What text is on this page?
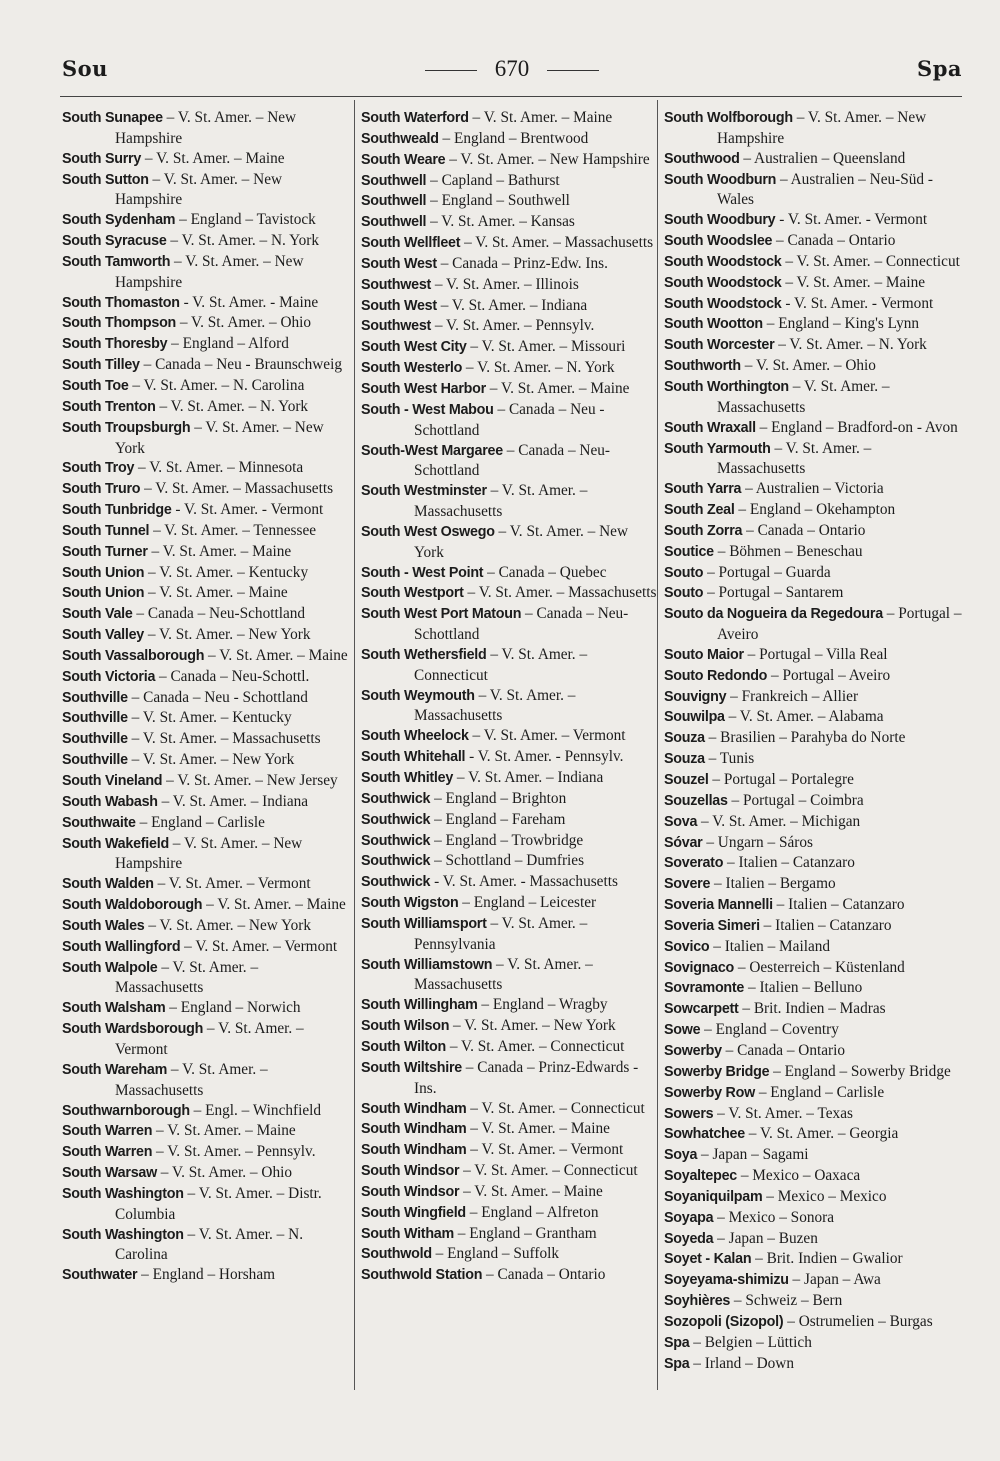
670
Sou	Spa
South Sunapee – V. St. Amer. – New Hampshire
South Surry – V. St. Amer. – Maine
South Sutton – V. St. Amer. – New Hampshire
South Sydenham – England – Tavistock
South Syracuse – V. St. Amer. – N. York
South Tamworth – V. St. Amer. – New Hampshire
South Thomaston - V. St. Amer. - Maine
South Thompson – V. St. Amer. – Ohio
South Thoresby – England – Alford
South Tilley – Canada – Neu - Braunschweig
South Toe – V. St. Amer. – N. Carolina
South Trenton – V. St. Amer. – N. York
South Troupsburgh – V. St. Amer. – New York
South Troy – V. St. Amer. – Minnesota
South Truro – V. St. Amer. – Massachusetts
South Tunbridge - V. St. Amer. - Vermont
South Tunnel – V. St. Amer. – Tennessee
South Turner – V. St. Amer. – Maine
South Union – V. St. Amer. – Kentucky
South Union – V. St. Amer. – Maine
South Vale – Canada – Neu-Schottland
South Valley – V. St. Amer. – New York
South Vassalborough – V. St. Amer. – Maine
South Victoria – Canada – Neu-Schottl.
Southville – Canada – Neu - Schottland
Southville – V. St. Amer. – Kentucky
Southville – V. St. Amer. – Massachusetts
Southville – V. St. Amer. – New York
South Vineland – V. St. Amer. – New Jersey
South Wabash – V. St. Amer. – Indiana
Southwaite – England – Carlisle
South Wakefield – V. St. Amer. – New Hampshire
South Walden – V. St. Amer. – Vermont
South Waldoborough – V. St. Amer. – Maine
South Wales – V. St. Amer. – New York
South Wallingford – V. St. Amer. – Vermont
South Walpole – V. St. Amer. – Massachusetts
South Walsham – England – Norwich
South Wardsborough – V. St. Amer. – Vermont
South Wareham – V. St. Amer. – Massachusetts
Southwarnborough – Engl. – Winchfield
South Warren – V. St. Amer. – Maine
South Warren – V. St. Amer. – Pennsylv.
South Warsaw – V. St. Amer. – Ohio
South Washington – V. St. Amer. – Distr. Columbia
South Washington – V. St. Amer. – N. Carolina
Southwater – England – Horsham
South Waterford – V. St. Amer. – Maine
Southweald – England – Brentwood
South Weare – V. St. Amer. – New Hampshire
Southwell – Capland – Bathurst
Southwell – England – Southwell
Southwell – V. St. Amer. – Kansas
South Wellfleet – V. St. Amer. – Massachusetts
South West – Canada – Prinz-Edw. Ins.
Southwest – V. St. Amer. – Illinois
South West – V. St. Amer. – Indiana
Southwest – V. St. Amer. – Pennsylv.
South West City – V. St. Amer. – Missouri
South Westerlo – V. St. Amer. – N. York
South West Harbor – V. St. Amer. – Maine
South - West Mabou – Canada – Neu - Schottland
South-West Margaree – Canada – Neu-Schottland
South Westminster – V. St. Amer. – Massachusetts
South West Oswego – V. St. Amer. – New York
South - West Point – Canada – Quebec
South Westport – V. St. Amer. – Massachusetts
South West Port Matoun – Canada – Neu-Schottland
South Wethersfield – V. St. Amer. – Connecticut
South Weymouth – V. St. Amer. – Massachusetts
South Wheelock – V. St. Amer. – Vermont
South Whitehall - V. St. Amer. - Pennsylv.
South Whitley – V. St. Amer. – Indiana
Southwick – England – Brighton
Southwick – England – Fareham
Southwick – England – Trowbridge
Southwick – Schottland – Dumfries
Southwick - V. St. Amer. - Massachusetts
South Wigston – England – Leicester
South Williamsport – V. St. Amer. – Pennsylvania
South Williamstown – V. St. Amer. – Massachusetts
South Willingham – England – Wragby
South Wilson – V. St. Amer. – New York
South Wilton – V. St. Amer. – Connecticut
South Wiltshire – Canada – Prinz-Edwards - Ins.
South Windham – V. St. Amer. – Connecticut
South Windham – V. St. Amer. – Maine
South Windham – V. St. Amer. – Vermont
South Windsor – V. St. Amer. – Connecticut
South Windsor – V. St. Amer. – Maine
South Wingfield – England – Alfreton
South Witham – England – Grantham
Southwold – England – Suffolk
Southwold Station – Canada – Ontario
South Wolfborough – V. St. Amer. – New Hampshire
Southwood – Australien – Queensland
South Woodburn – Australien – Neu-Süd - Wales
South Woodbury - V. St. Amer. - Vermont
South Woodslee – Canada – Ontario
South Woodstock – V. St. Amer. – Connecticut
South Woodstock – V. St. Amer. – Maine
South Woodstock - V. St. Amer. - Vermont
South Wootton – England – King's Lynn
South Worcester – V. St. Amer. – N. York
Southworth – V. St. Amer. – Ohio
South Worthington – V. St. Amer. – Massachusetts
South Wraxall – England – Bradford-on - Avon
South Yarmouth – V. St. Amer. – Massachusetts
South Yarra – Australien – Victoria
South Zeal – England – Okehampton
South Zorra – Canada – Ontario
Soutice – Böhmen – Beneschau
Souto – Portugal – Guarda
Souto – Portugal – Santarem
Souto da Nogueira da Regedoura – Portugal – Aveiro
Souto Maior – Portugal – Villa Real
Souto Redondo – Portugal – Aveiro
Souvigny – Frankreich – Allier
Souwilpa – V. St. Amer. – Alabama
Souza – Brasilien – Parahyba do Norte
Souza – Tunis
Souzel – Portugal – Portalegre
Souzellas – Portugal – Coimbra
Sova – V. St. Amer. – Michigan
Sóvar – Ungarn – Sáros
Soverato – Italien – Catanzaro
Sovere – Italien – Bergamo
Soveria Mannelli – Italien – Catanzaro
Soveria Simeri – Italien – Catanzaro
Sovico – Italien – Mailand
Sovignaco – Oesterreich – Küstenland
Sovramonte – Italien – Belluno
Sowcarpett – Brit. Indien – Madras
Sowe – England – Coventry
Sowerby – Canada – Ontario
Sowerby Bridge – England – Sowerby Bridge
Sowerby Row – England – Carlisle
Sowers – V. St. Amer. – Texas
Sowhatchee – V. St. Amer. – Georgia
Soya – Japan – Sagami
Soyaltepec – Mexico – Oaxaca
Soyaniquilpam – Mexico – Mexico
Soyapa – Mexico – Sonora
Soyeda – Japan – Buzen
Soyet - Kalan – Brit. Indien – Gwalior
Soyeyama-shimizu – Japan – Awa
Soyhières – Schweiz – Bern
Sozopoli (Sizopol) – Ostrumelien – Burgas
Spa – Belgien – Lüttich
Spa – Irland – Down
